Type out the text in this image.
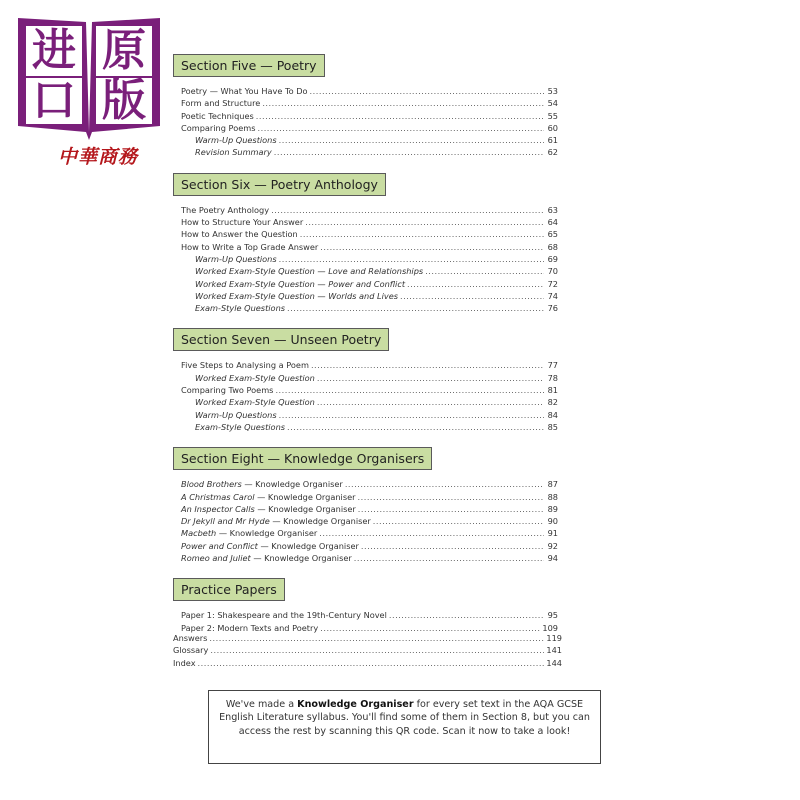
进 原
口 版
中華商務
Section Five — Poetry
Poetry — What You Have To Do .....	53
Form and Structure .....	54
Poetic Techniques .....	55
Comparing Poems .....	60
Warm-Up Questions .....	61
Revision Summary .....	62
Section Six — Poetry Anthology
The Poetry Anthology .....	63
How to Structure Your Answer .....	64
How to Answer the Question .....	65
How to Write a Top Grade Answer .....	68
Warm-Up Questions .....	69
Worked Exam-Style Question — Love and Relationships .....	70
Worked Exam-Style Question — Power and Conflict .....	72
Worked Exam-Style Question — Worlds and Lives .....	74
Exam-Style Questions .....	76
Section Seven — Unseen Poetry
Five Steps to Analysing a Poem .....	77
Worked Exam-Style Question .....	78
Comparing Two Poems .....	81
Worked Exam-Style Question .....	82
Warm-Up Questions .....	84
Exam-Style Questions .....	85
Section Eight — Knowledge Organisers
Blood Brothers — Knowledge Organiser .....	87
A Christmas Carol — Knowledge Organiser .....	88
An Inspector Calls — Knowledge Organiser .....	89
Dr Jekyll and Mr Hyde — Knowledge Organiser .....	90
Macbeth — Knowledge Organiser .....	91
Power and Conflict — Knowledge Organiser .....	92
Romeo and Juliet — Knowledge Organiser .....	94
Practice Papers
Paper 1: Shakespeare and the 19th-Century Novel .....	95
Paper 2: Modern Texts and Poetry .....	109
Answers .....	119
Glossary .....	141
Index .....	144
We've made a Knowledge Organiser for every set text in the AQA GCSE English Literature syllabus. You'll find some of them in Section 8, but you can access the rest by scanning this QR code. Scan it now to take a look!
